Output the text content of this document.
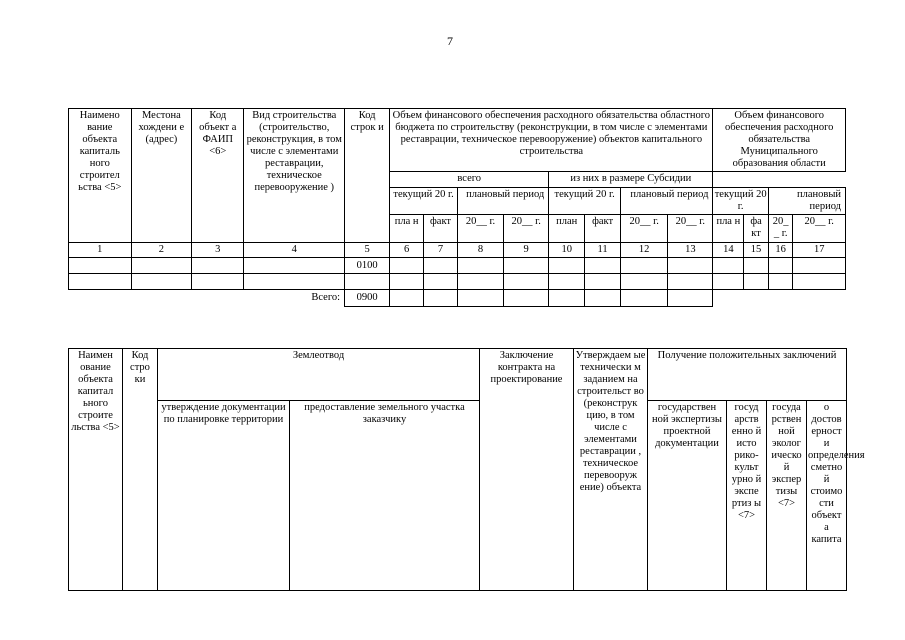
7
Наимено вание объекта капиталь ного строител ьства <5>	Местона хождени е (адрес)	Код объект а ФАИП <6>	Вид строительства (строительство, реконструкция, в том числе с элементами реставрации, техническое перевооружение )	Код строк и	Объем финансового обеспечения расходного обязательства областного бюджета по строительству (реконструкции, в том числе с элементами реставрации, техническое перевооружение) объектов капитального строительства								Объем финансового обеспечения расходного обязательства Муниципального образования области			
					всего				из них в размере Субсидии							
					текущий 20 г.		плановый период		текущий 20 г.		плановый период		текущий 20 г.		плановый период	
					пла н	факт	20__ г.	20__ г.	план	факт	20__ г.	20__ г.	пла н	фа кт	20_ _ г.	20__ г.
1	2	3	4	5	6	7	8	9	10	11	12	13	14	15	16	17
				0100												

Всего:				0900												
Наимен ование объекта капитал ьного строите льства <5>	Код стро ки	Землеотвод		Заключение контракта на проектирование	Утверждаем ые технически м заданием на строительст во (реконструк цию, в том числе с элементами реставрации , техническое перевооруж ение) объекта	Получение положительных заключений			
		утверждение документации по планировке территории	предоставление земельного участка заказчику			государствен ной экспертизы проектной документации	госуд арств енно й исто рико-культ урно й экспе ртиз ы <7>	госуда рствен ной эколог ическо й экспер тизы <7>	о достов ерност и определения сметно й стоимо сти объект а капита
